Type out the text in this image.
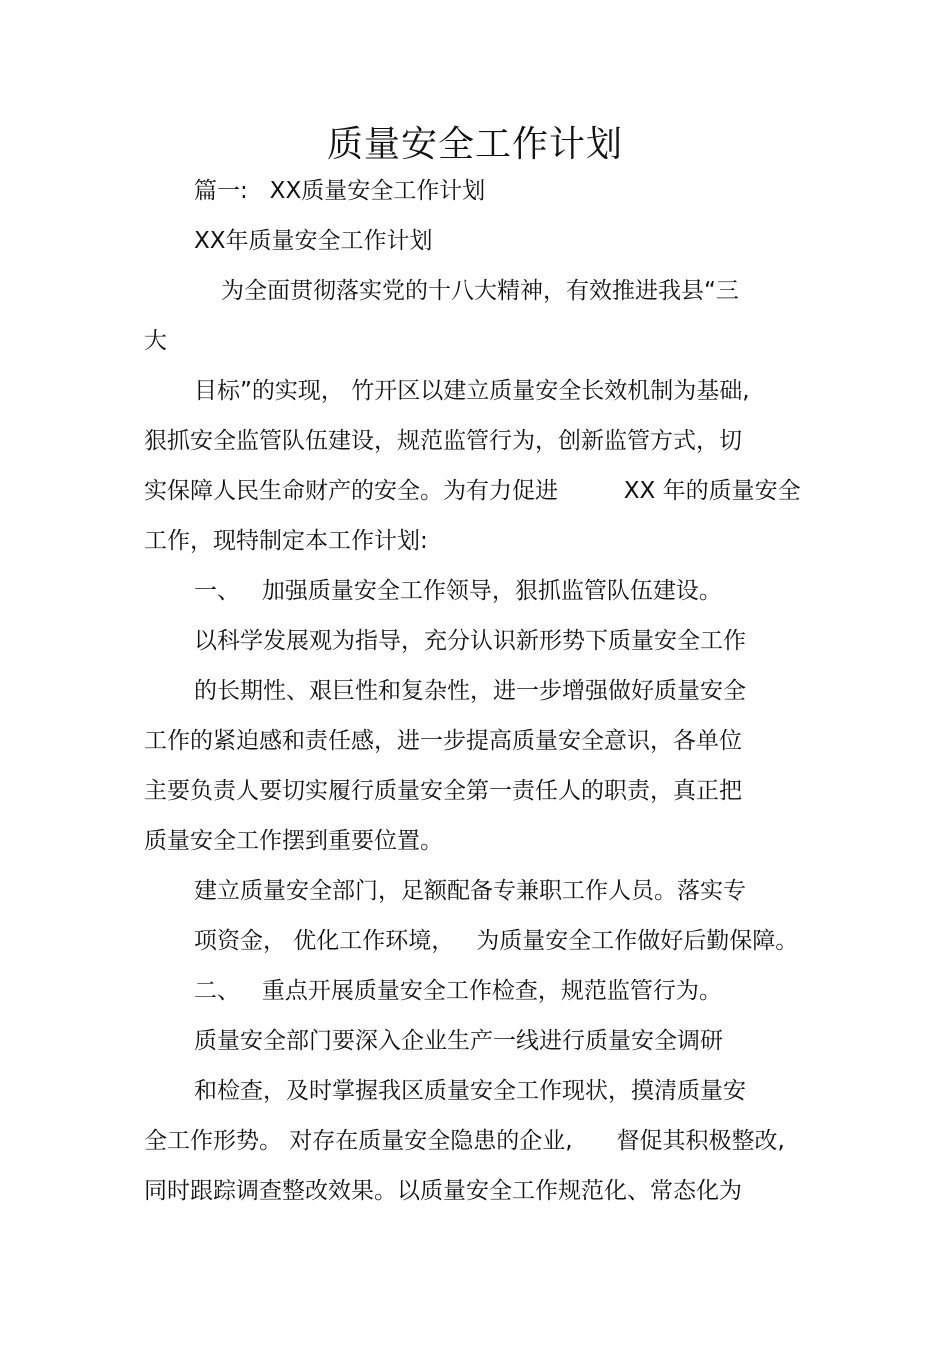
质量安全工作计划

篇一:   XX质量安全工作计划

XX年质量安全工作计划

为全面贯彻落实党的十八大精神，有效推进我县“三

大

目标”的实现， 竹开区以建立质量安全长效机制为基础,

狠抓安全监管队伍建设，规范监管行为，创新监管方式，切

实保障人民生命财产的安全。为有力促进         XX 年的质量安全

工作，现特制定本工作计划:

一、   加强质量安全工作领导，狠抓监管队伍建设。

以科学发展观为指导，充分认识新形势下质量安全工作

的长期性、艰巨性和复杂性，进一步增强做好质量安全

工作的紧迫感和责任感，进一步提高质量安全意识，各单位

主要负责人要切实履行质量安全第一责任人的职责，真正把

质量安全工作摆到重要位置。

建立质量安全部门，足额配备专兼职工作人员。落实专

项资金， 优化工作环境，   为质量安全工作做好后勤保障。

二、   重点开展质量安全工作检查，规范监管行为。

质量安全部门要深入企业生产一线进行质量安全调研

和检查，及时掌握我区质量安全工作现状，摸清质量安

全工作形势。 对存在质量安全隐患的企业,      督促其积极整改,

同时跟踪调查整改效果。以质量安全工作规范化、常态化为
